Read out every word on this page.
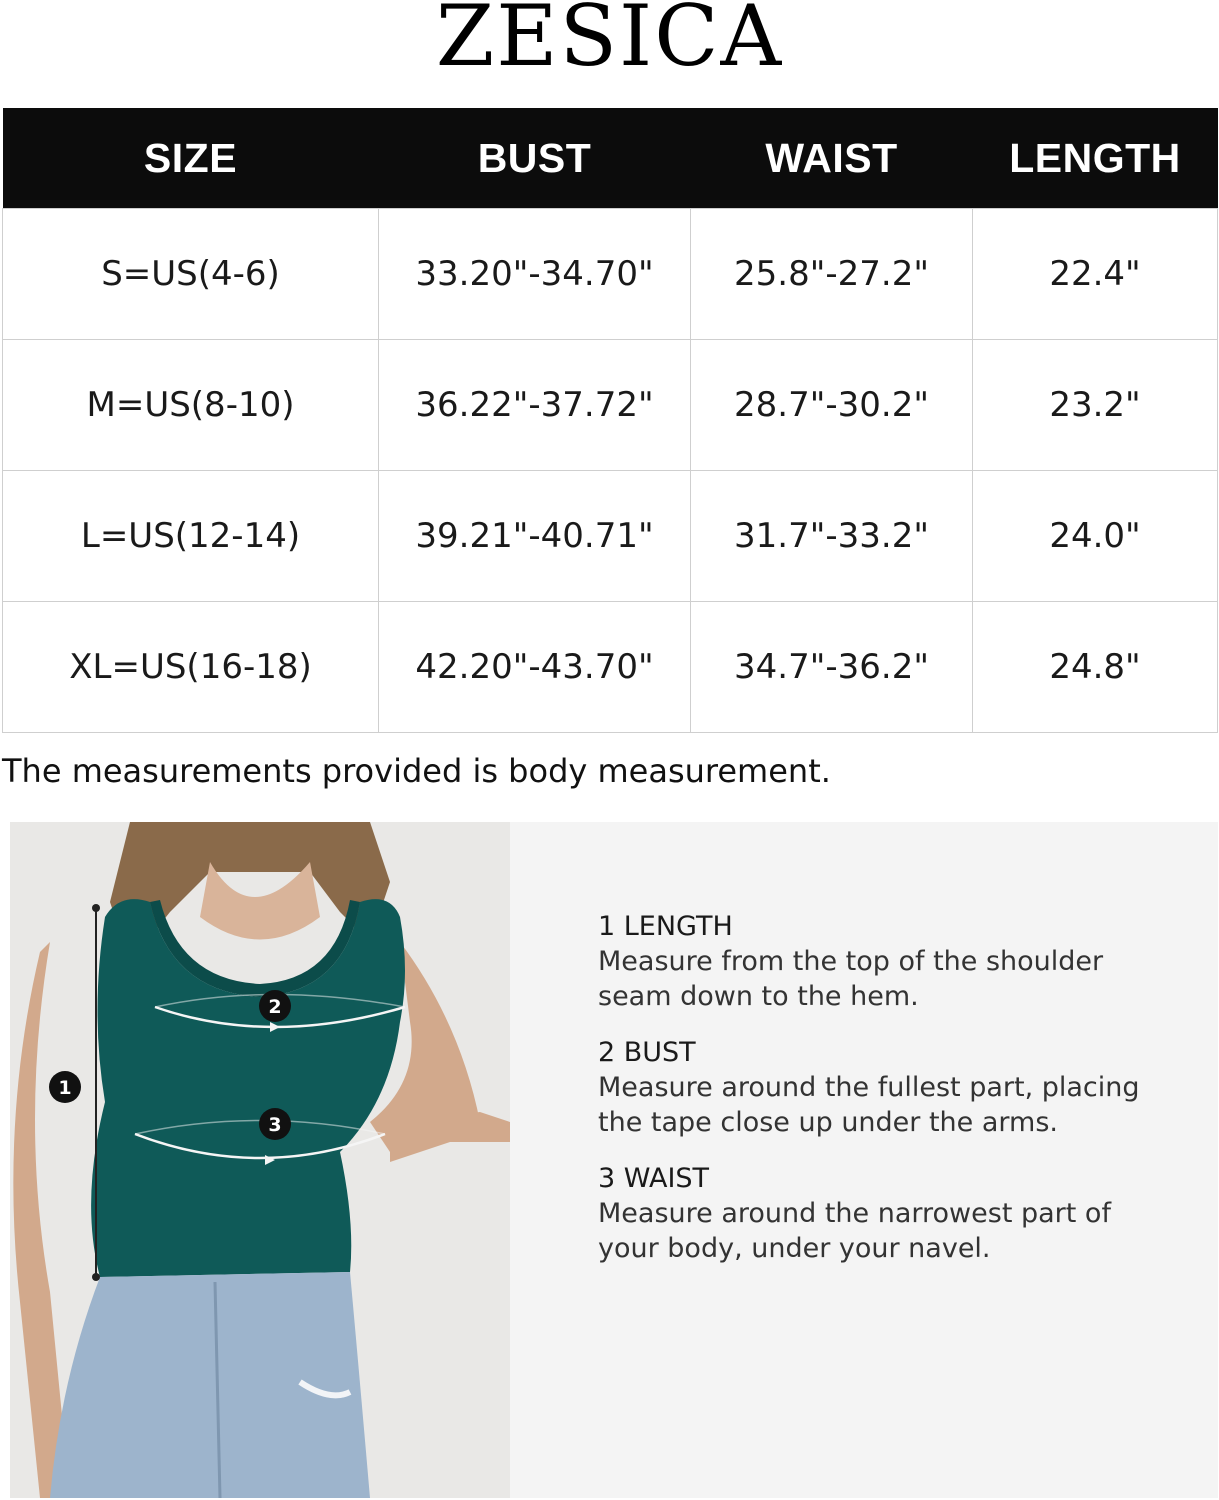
ZESICA
SIZE	BUST	WAIST	LENGTH
S=US(4-6)	33.20"-34.70"	25.8"-27.2"	22.4"
M=US(8-10)	36.22"-37.72"	28.7"-30.2"	23.2"
L=US(12-14)	39.21"-40.71"	31.7"-33.2"	24.0"
XL=US(16-18)	42.20"-43.70"	34.7"-36.2"	24.8"
The measurements provided is body measurement.
1
2
3
1 LENGTH
Measure from the top of the shoulder
seam down to the hem.
2 BUST
Measure around the fullest part, placing
the tape close up under the arms.
3 WAIST
Measure around the narrowest part of
your body, under your navel.
